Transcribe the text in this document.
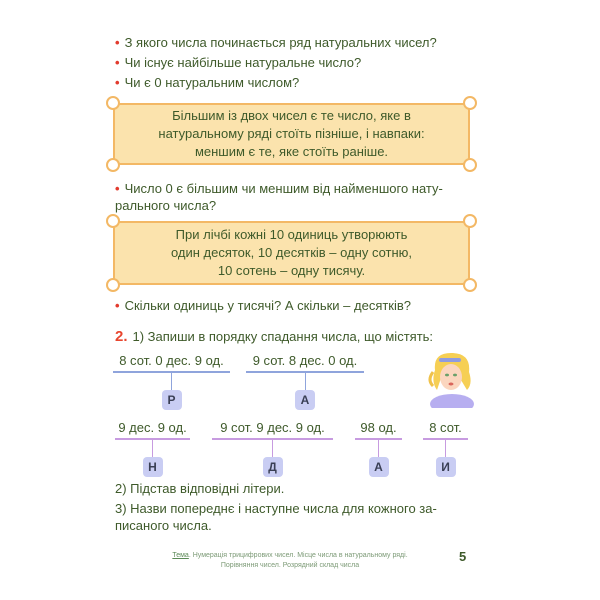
• З якого числа починається ряд натуральних чисел?
• Чи існує найбільше натуральне число?
• Чи є 0 натуральним числом?
Більшим із двох чисел є те число, яке в
натуральному ряді стоїть пізніше, і навпаки:
меншим є те, яке стоїть раніше.
• Число 0 є більшим чи меншим від найменшого нату-
рального числа?
При лічбі кожні 10 одиниць утворюють
один десяток, 10 десятків – одну сотню,
10 сотень – одну тисячу.
• Скільки одиниць у тисячі? А скільки – десятків?
2. 1) Запиши в порядку спадання числа, що містять:
8 сот. 0 дес. 9 од.
Р
9 сот. 8 дес. 0 од.
А
9 дес. 9 од.
Н
9 сот. 9 дес. 9 од.
Д
98 од.
А
8 сот.
И
2) Підстав відповідні літери.
3) Назви попереднє і наступне числа для кожного за-
писаного числа.
Тема. Нумерація трицифрових чисел. Місце числа в натуральному ряді.
Порівняння чисел. Розрядний склад числа
5
